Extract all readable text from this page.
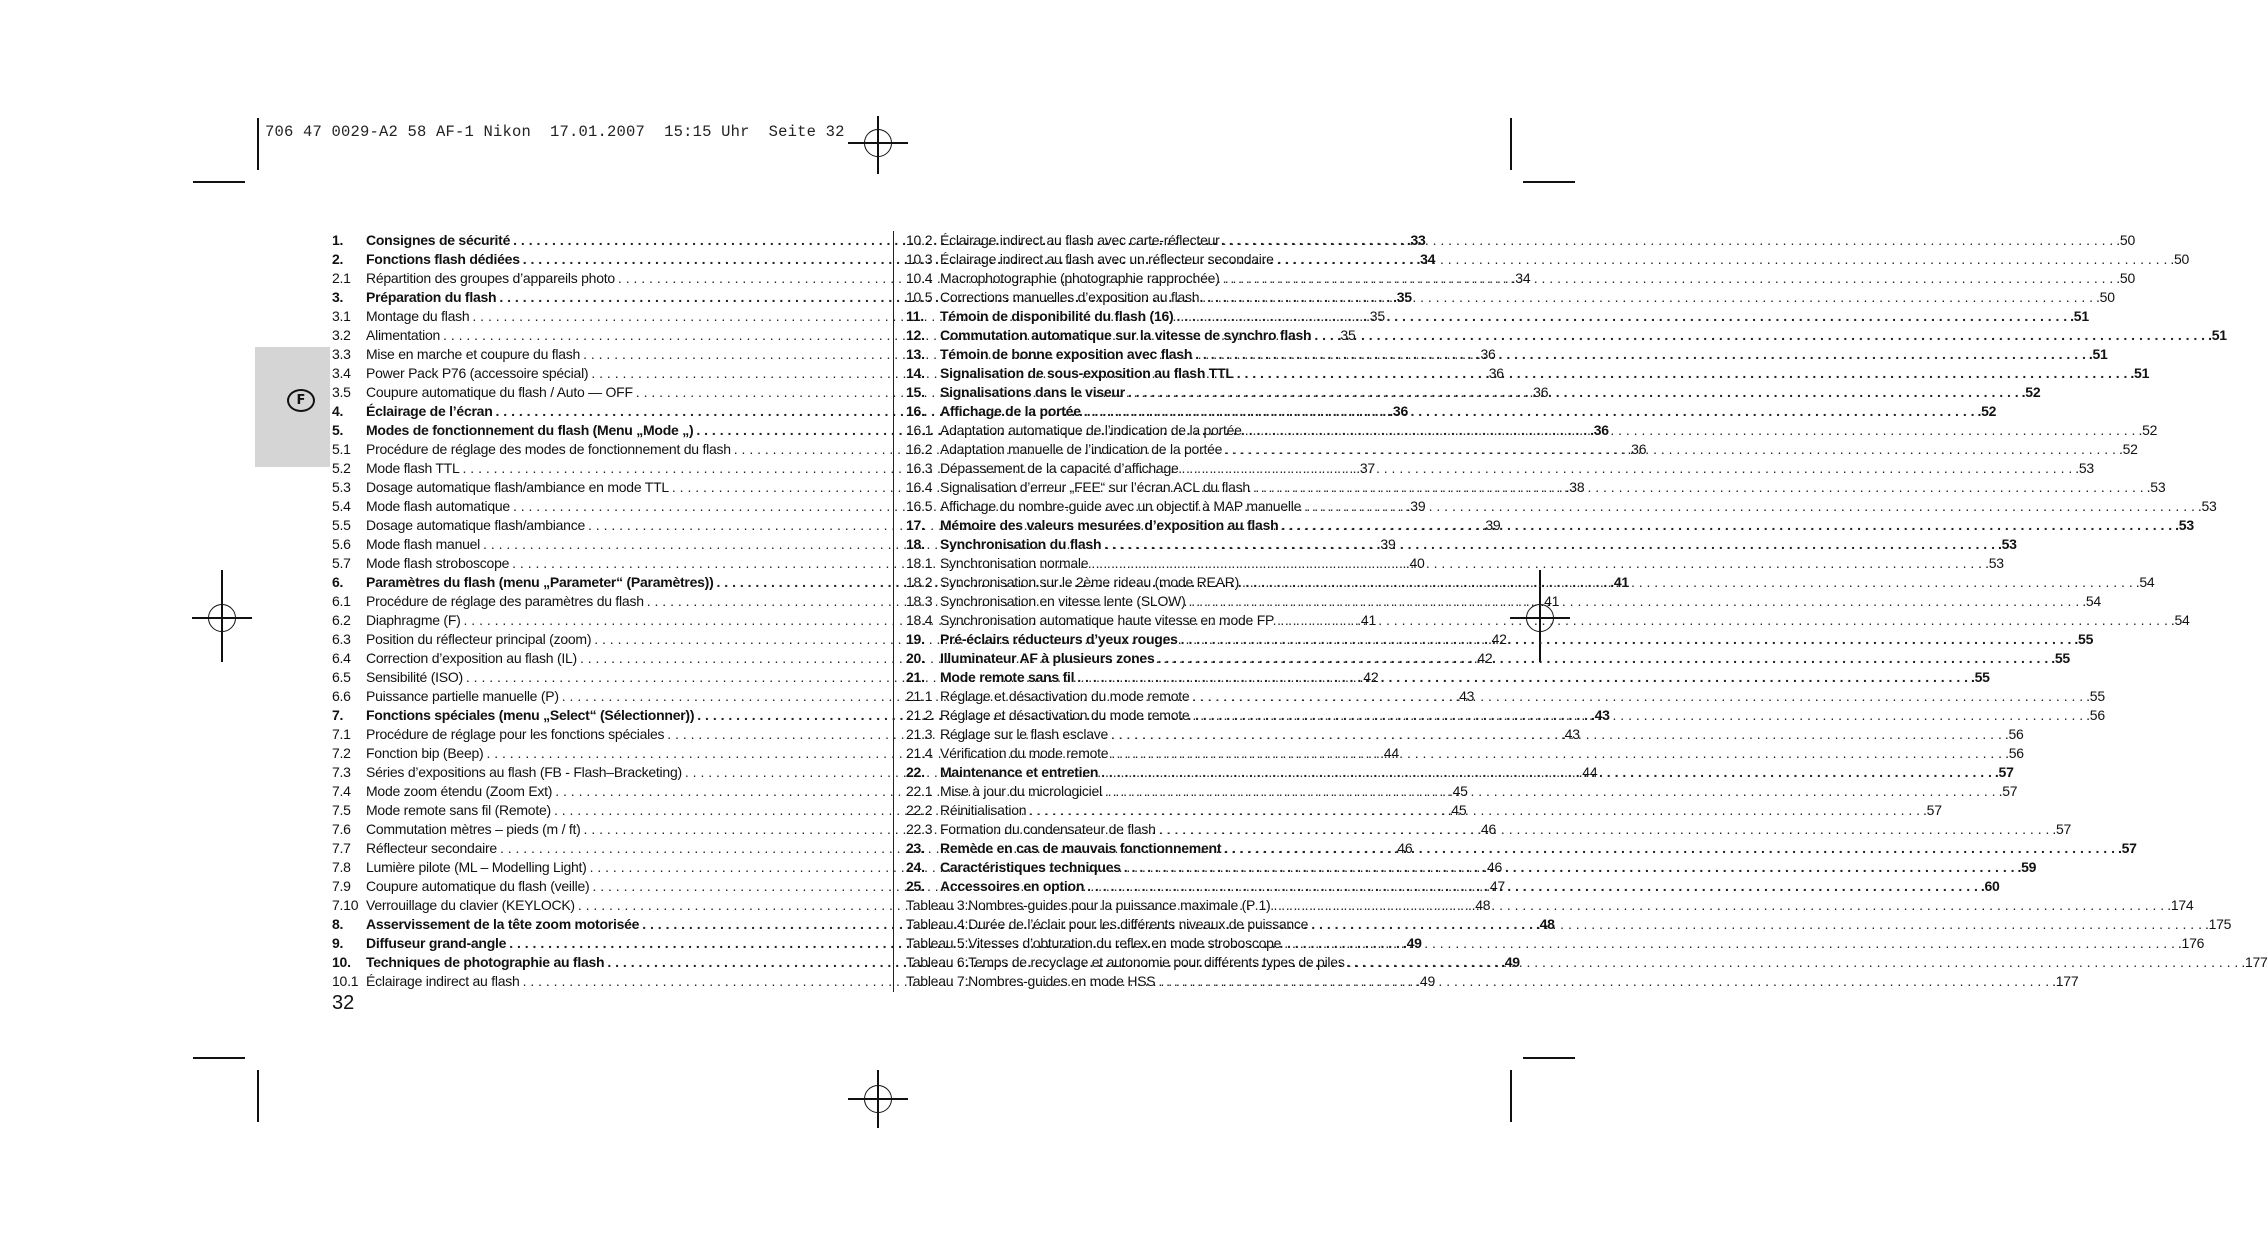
706 47 0029-A2 58 AF-1 Nikon  17.01.2007  15:15 Uhr  Seite 32
F
1.	Consignes de sécurité . . .	.33
2.	Fonctions flash dédiées . . .	.34
2.1	Répartition des groupes d’appareils photo . . .	.34
3.	Préparation du flash . . .	.35
3.1	Montage du flash . . .	.35
3.2	Alimentation . . .	.35
3.3	Mise en marche et coupure du flash . . .	.36
3.4	Power Pack P76 (accessoire spécial) . . .	.36
3.5	Coupure automatique du flash / Auto — OFF . . .	.36
4.	Éclairage de l’écran . . .	.36
5.	Modes de fonctionnement du flash (Menu „Mode „) . . .	.36
5.1	Procédure de réglage des modes de fonctionnement du flash . . .	.36
5.2	Mode flash TTL . . .	.37
5.3	Dosage automatique flash/ambiance en mode TTL . . .	.38
5.4	Mode flash automatique . . .	.39
5.5	Dosage automatique flash/ambiance . . .	.39
5.6	Mode flash manuel . . .	.39
5.7	Mode flash stroboscope . . .	.40
6.	Paramètres du flash (menu „Parameter“ (Paramètres)) . . .	.41
6.1	Procédure de réglage des paramètres du flash . . .	.41
6.2	Diaphragme (F) . . .	.41
6.3	Position du réflecteur principal (zoom) . . .	.42
6.4	Correction d’exposition au flash (IL) . . .	.42
6.5	Sensibilité (ISO) . . .	.42
6.6	Puissance partielle manuelle (P) . . .	.43
7.	Fonctions spéciales (menu „Select“ (Sélectionner)) . . .	.43
7.1	Procédure de réglage pour les fonctions spéciales . . .	.43
7.2	Fonction bip (Beep) . . .	.44
7.3	Séries d’expositions au flash (FB - Flash–Bracketing) . . .	.44
7.4	Mode zoom étendu (Zoom Ext) . . .	.45
7.5	Mode remote sans fil (Remote) . . .	.45
7.6	Commutation mètres – pieds (m / ft) . . .	.46
7.7	Réflecteur secondaire . . .	.46
7.8	Lumière pilote (ML – Modelling Light) . . .	.46
7.9	Coupure automatique du flash (veille) . . .	.47
7.10 Verrouillage du clavier (KEYLOCK) . . .	.48
8.	Asservissement de la tête zoom motorisée . . .	.48
9.	Diffuseur grand-angle . . .	.49
10.	Techniques de photographie au flash . . .	.49
10.1 Éclairage indirect au flash . . .	.49
10.2 Éclairage indirect au flash avec carte-réflecteur . . .	.50
10.3 Éclairage indirect au flash avec un réflecteur secondaire . . .	.50
10.4 Macrophotographie (photographie rapprochée) . . .	.50
10.5 Corrections manuelles d’exposition au flash . . .	.50
11.	Témoin de disponibilité du flash (16) . . .	.51
12.	Commutation automatique sur la vitesse de synchro flash . . .	.51
13.	Témoin de bonne exposition avec flash . . .	.51
14.	Signalisation de sous-exposition au flash TTL . . .	.51
15.	Signalisations dans le viseur . . .	.52
16.	Affichage de la portée . . .	.52
16.1 Adaptation automatique de l’indication de la portée . . .	.52
16.2 Adaptation manuelle de l’indication de la portée . . .	.52
16.3 Dépassement de la capacité d’affichage . . .	.53
16.4 Signalisation d’erreur „FEE“ sur l’écran ACL du flash . . .	.53
16.5 Affichage du nombre-guide avec un objectif à MAP manuelle . . .	.53
17.	Mémoire des valeurs mesurées d’exposition au flash . . .	.53
18.	Synchronisation du flash . . .	.53
18.1 Synchronisation normale . . .	.53
18.2 Synchronisation sur le 2ème rideau (mode REAR) . . .	.54
18.3 Synchronisation en vitesse lente (SLOW) . . .	.54
18.4 Synchronisation automatique haute vitesse en mode FP . . .	.54
19.	Pré-éclairs réducteurs d’yeux rouges . . .	.55
20.	Illuminateur AF à plusieurs zones . . .	.55
21.	Mode remote sans fil . . .	.55
21.1 Réglage et désactivation du mode remote . . .	.55
21.2 Réglage et désactivation du mode remote . . .	.56
21.3 Réglage sur le flash esclave . . .	.56
21.4 Vérification du mode remote . . .	.56
22.	Maintenance et entretien . . .	.57
22.1 Mise à jour du micrologiciel . . .	.57
22.2 Réinitialisation . . .	.57
22.3 Formation du condensateur de flash . . .	.57
23.	Remède en cas de mauvais fonctionnement . . .	.57
24.	Caractéristiques techniques . . .	.59
25.	Accessoires en option . . .	.60
Tableau 3:Nombres-guides pour la puissance maximale (P 1) . . .	.174
Tableau 4:Durée de l’éclair pour les différents niveaux de puissance . . .	.175
Tableau 5:Vitesses d’obturation du reflex en mode stroboscope . . .	.176
Tableau 6:Temps de recyclage et autonomie pour différents types de piles . . .	.177
Tableau 7:Nombres-guides en mode HSS . . .	.177
32
